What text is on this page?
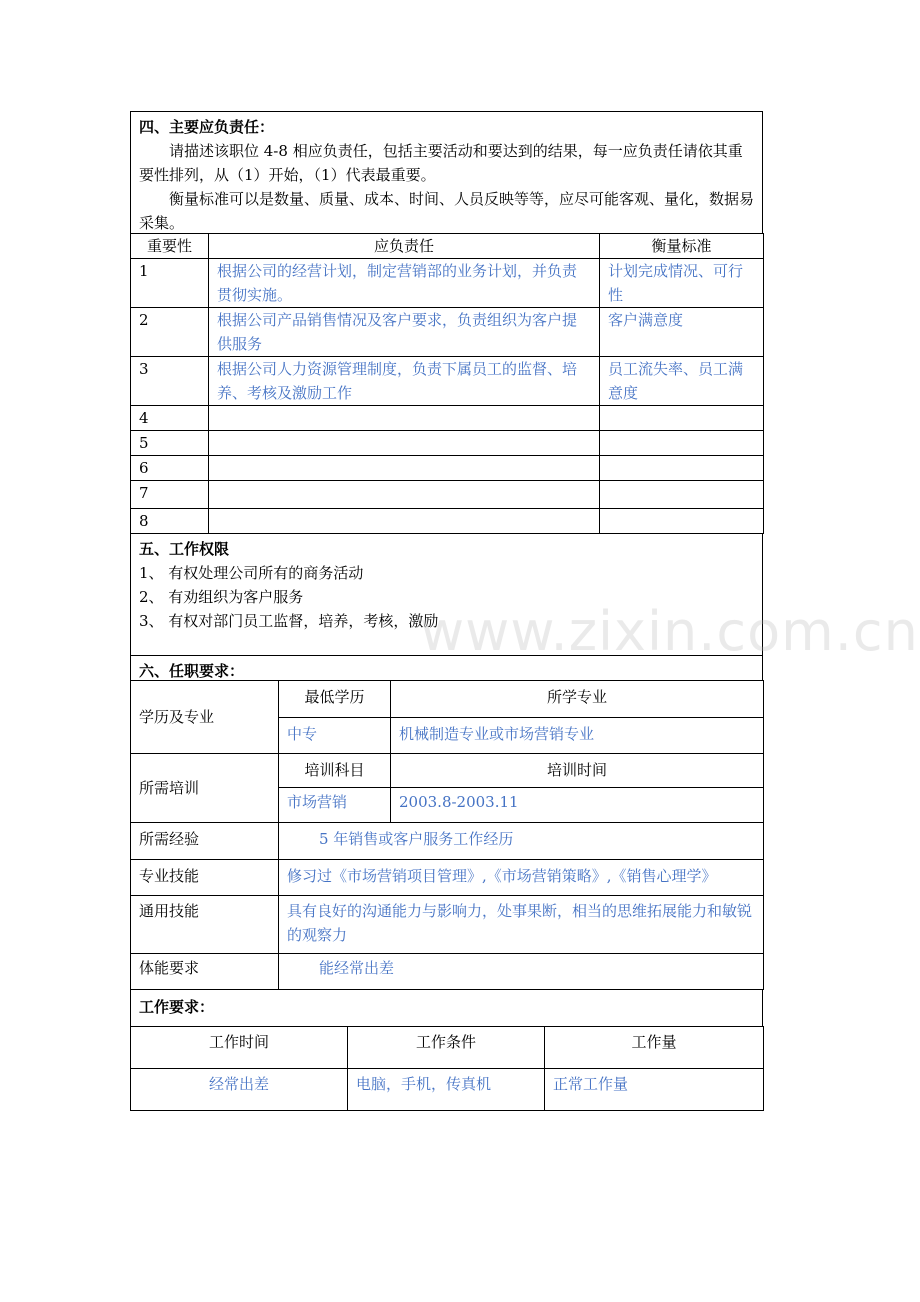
四、主要应负责任：
请描述该职位 4-8 相应负责任，包括主要活动和要达到的结果，每一应负责任请依其重要性排列，从（1）开始，（1）代表最重要。
衡量标准可以是数量、质量、成本、时间、人员反映等等，应尽可能客观、量化，数据易采集。
重要性	应负责任	衡量标准
1	根据公司的经营计划，制定营销部的业务计划，并负责贯彻实施。	计划完成情况、可行性
2	根据公司产品销售情况及客户要求，负责组织为客户提供服务	客户满意度
3	根据公司人力资源管理制度，负责下属员工的监督、培养、考核及激励工作	员工流失率、员工满意度
4		
5		
6		
7		
8		
五、工作权限
1、 有权处理公司所有的商务活动
2、 有劝组织为客户服务
3、 有权对部门员工监督，培养，考核，激励
六、任职要求：
学历及专业	最低学历	所学专业
	中专	机械制造专业或市场营销专业
所需培训	培训科目	培训时间
	市场营销	2003.8-2003.11
所需经验	5 年销售或客户服务工作经历	
专业技能	修习过《市场营销项目管理》,《市场营销策略》,《销售心理学》	
通用技能	具有良好的沟通能力与影响力，处事果断，相当的思维拓展能力和敏锐的观察力	
体能要求	能经常出差	
工作要求：
工作时间	工作条件	工作量
经常出差	电脑，手机，传真机	正常工作量
www.zixin.com.cn
